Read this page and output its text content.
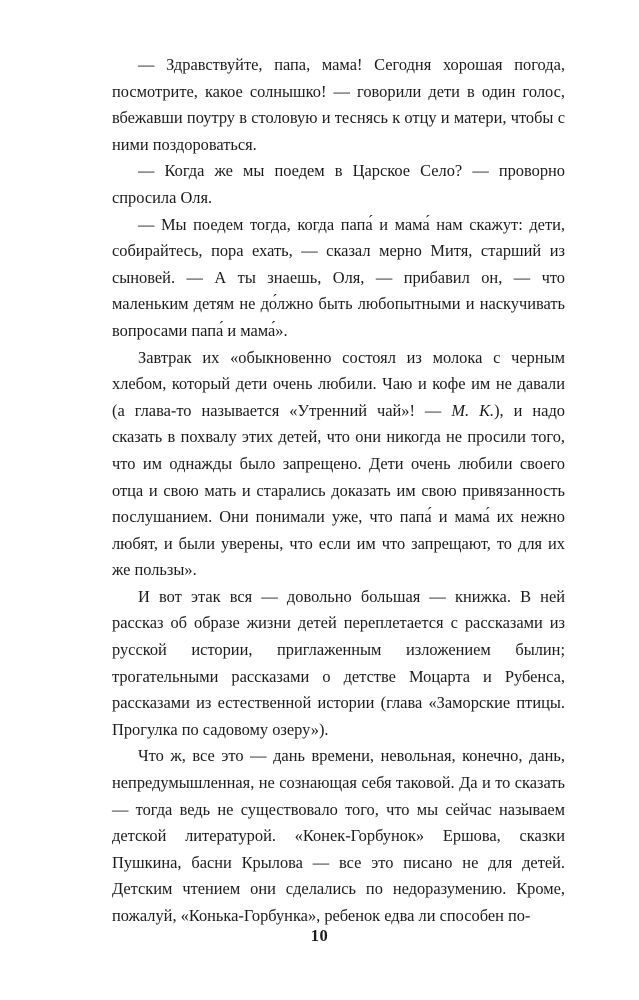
— Здравствуйте, папа, мама! Сегодня хорошая погода, посмотрите, какое солнышко! — говорили дети в один голос, вбежавши поутру в столовую и теснясь к отцу и матери, чтобы с ними поздороваться.

— Когда же мы поедем в Царское Село? — проворно спросила Оля.

— Мы поедем тогда, когда папа́ и мама́ нам скажут: дети, собирайтесь, пора ехать, — сказал мерно Митя, старший из сыновей. — А ты знаешь, Оля, — прибавил он, — что маленьким детям не до́лжно быть любопытными и наскучивать вопросами папа́ и мама́».

Завтрак их «обыкновенно состоял из молока с черным хлебом, который дети очень любили. Чаю и кофе им не давали (а глава-то называется «Утренний чай»! — М. К.), и надо сказать в похвалу этих детей, что они никогда не просили того, что им однажды было запрещено. Дети очень любили своего отца и свою мать и старались доказать им свою привязанность послушанием. Они понимали уже, что папа́ и мама́ их нежно любят, и были уверены, что если им что запрещают, то для их же пользы».

И вот этак вся — довольно большая — книжка. В ней рассказ об образе жизни детей переплетается с рассказами из русской истории, приглаженным изложением былин; трогательными рассказами о детстве Моцарта и Рубенса, рассказами из естественной истории (глава «Заморские птицы. Прогулка по садовому озеру»).

Что ж, все это — дань времени, невольная, конечно, дань, непредумышленная, не сознающая себя таковой. Да и то сказать — тогда ведь не существовало того, что мы сейчас называем детской литературой. «Конек-Горбунок» Ершова, сказки Пушкина, басни Крылова — все это писано не для детей. Детским чтением они сделались по недоразумению. Кроме, пожалуй, «Конька-Горбунка», ребенок едва ли способен по-

10
